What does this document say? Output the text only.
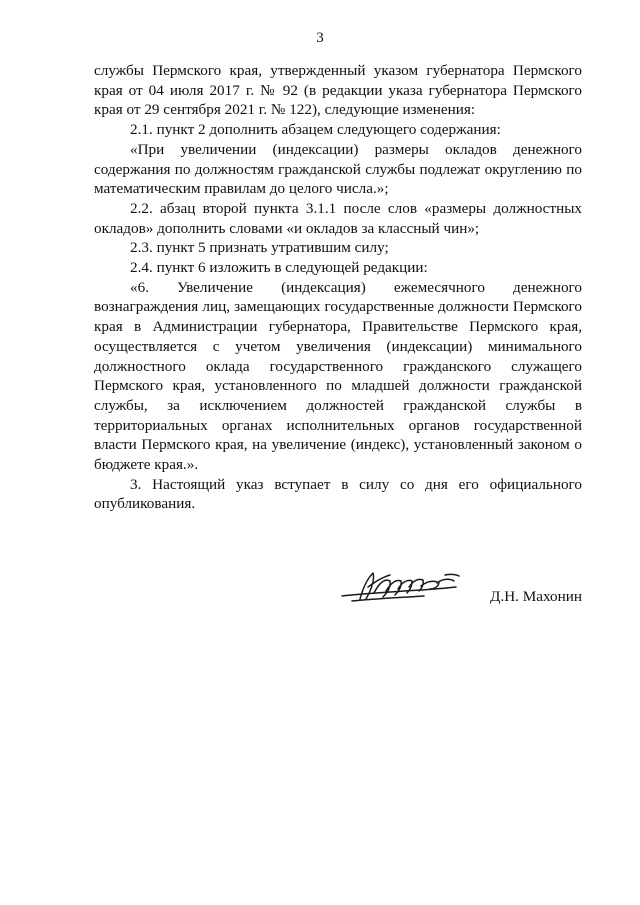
3

службы Пермского края, утвержденный указом губернатора Пермского края от 04 июля 2017 г. № 92 (в редакции указа губернатора Пермского края от 29 сентября 2021 г. № 122), следующие изменения:

2.1. пункт 2 дополнить абзацем следующего содержания:

«При увеличении (индексации) размеры окладов денежного содержания по должностям гражданской службы подлежат округлению по математическим правилам до целого числа.»;

2.2. абзац второй пункта 3.1.1 после слов «размеры должностных окладов» дополнить словами «и окладов за классный чин»;

2.3. пункт 5 признать утратившим силу;

2.4. пункт 6 изложить в следующей редакции:

«6. Увеличение (индексация) ежемесячного денежного вознаграждения лиц, замещающих государственные должности Пермского края в Администрации губернатора, Правительстве Пермского края, осуществляется с учетом увеличения (индексации) минимального должностного оклада государственного гражданского служащего Пермского края, установленного по младшей должности гражданской службы, за исключением должностей гражданской службы в территориальных органах исполнительных органов государственной власти Пермского края, на увеличение (индекс), установленный законом о бюджете края.».

3. Настоящий указ вступает в силу со дня его официального опубликования.

Д.Н. Махонин
